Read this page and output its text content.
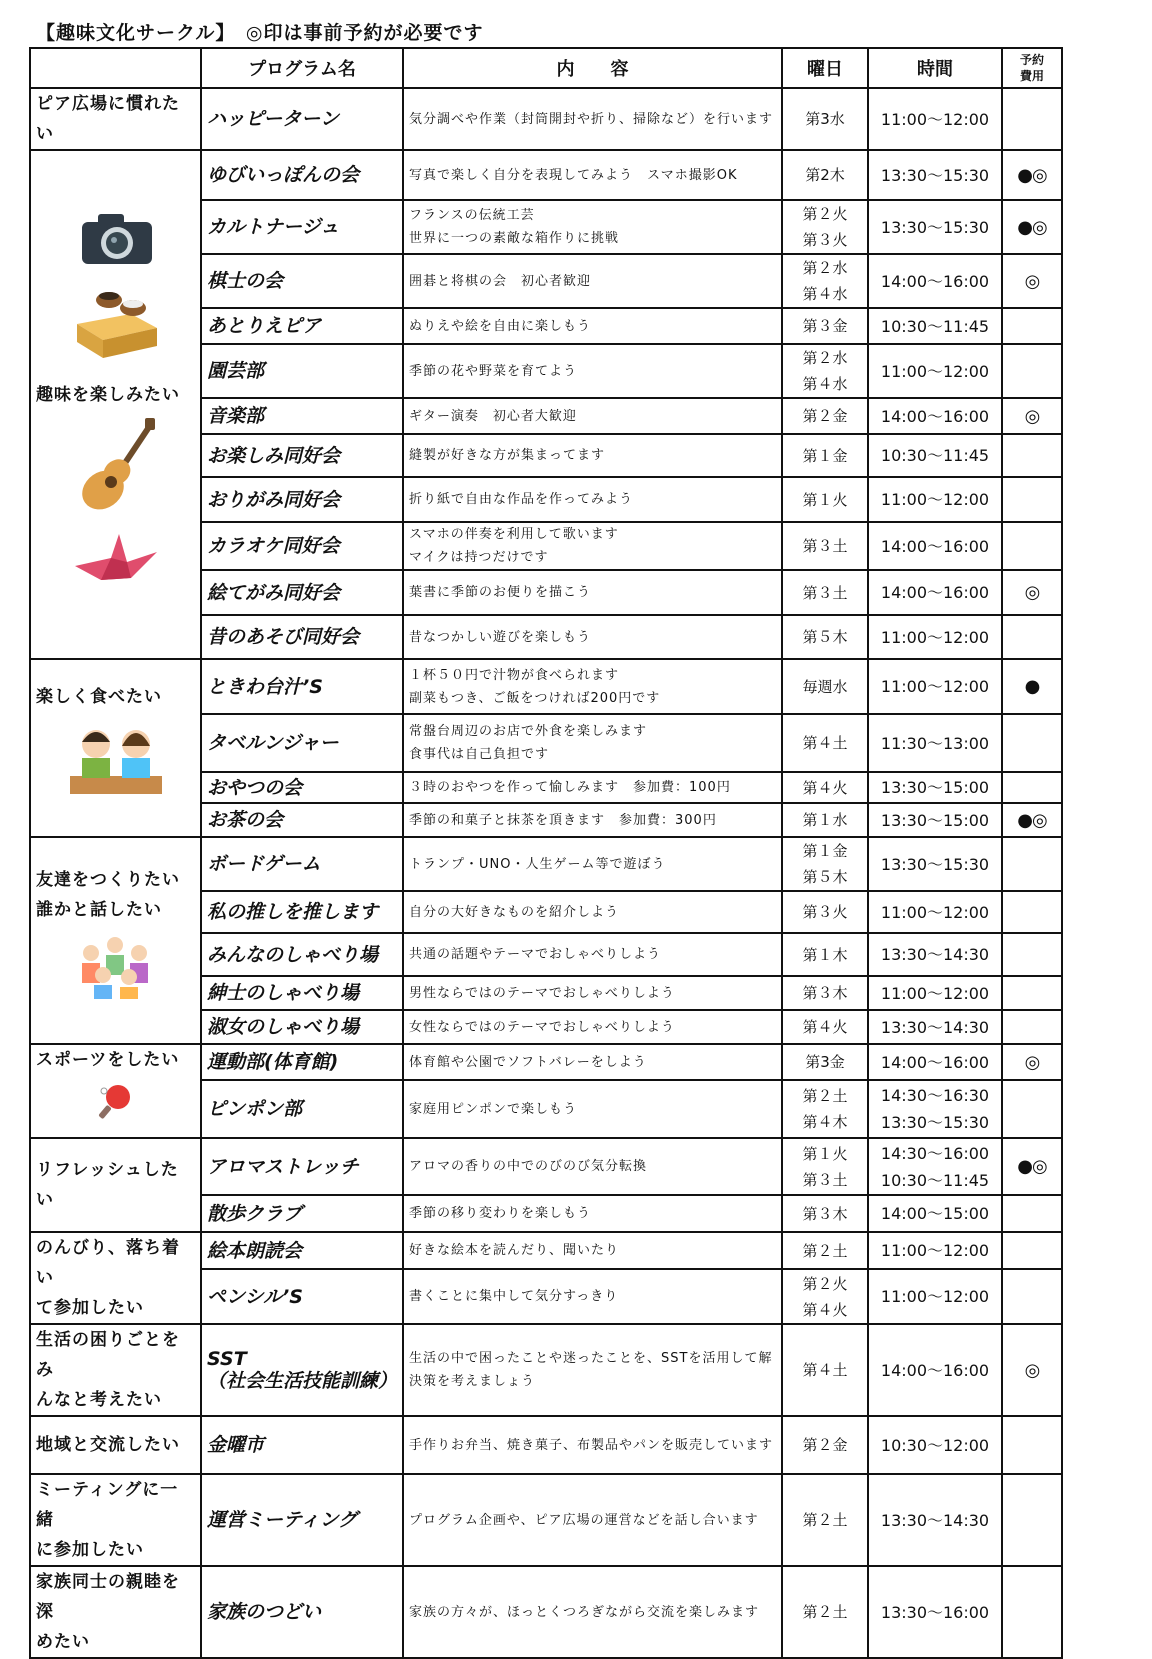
【趣味文化サークル】　◎印は事前予約が必要です
	プログラム名	内　　容	曜日	時間	予約
費用

ピア広場に慣れたい	ハッピーターン	気分調べや作業（封筒開封や折り、掃除など）を行います	第3水	11:00～12:00	

趣味を楽しみたい	ゆびいっぽんの会	写真で楽しく自分を表現してみよう　スマホ撮影OK	第2木	13:30～15:30	●◎

	カルトナージュ	フランスの伝統工芸
世界に一つの素敵な箱作りに挑戦	第２火
第３火	13:30～15:30	●◎

	棋士の会	囲碁と将棋の会　初心者歓迎	第２水
第４水	14:00～16:00	◎

	あとりえピア	ぬりえや絵を自由に楽しもう	第３金	10:30～11:45	

	園芸部	季節の花や野菜を育てよう	第２水
第４水	11:00～12:00	

	音楽部	ギター演奏　初心者大歓迎	第２金	14:00～16:00	◎

	お楽しみ同好会	縫製が好きな方が集まってます	第１金	10:30～11:45	

	おりがみ同好会	折り紙で自由な作品を作ってみよう	第１火	11:00～12:00	

	カラオケ同好会	スマホの伴奏を利用して歌います
マイクは持つだけです	第３土	14:00～16:00	

	絵てがみ同好会	葉書に季節のお便りを描こう	第３土	14:00～16:00	◎

	昔のあそび同好会	昔なつかしい遊びを楽しもう	第５木	11:00～12:00	

楽しく食べたい	ときわ台汁’S	１杯５０円で汁物が食べられます
副菜もつき、ご飯をつければ200円です	毎週水	11:00～12:00	●

	タベルンジャー	常盤台周辺のお店で外食を楽しみます
食事代は自己負担です	第４土	11:30～13:00	

	おやつの会	３時のおやつを作って愉しみます　参加費：100円	第４火	13:30～15:00	

	お茶の会	季節の和菓子と抹茶を頂きます　参加費：300円	第１水	13:30～15:00	●◎

友達をつくりたい
誰かと話したい	ボードゲーム	トランプ・UNO・人生ゲーム等で遊ぼう	第１金
第５木	13:30～15:30	

	私の推しを推します	自分の大好きなものを紹介しよう	第３火	11:00～12:00	

	みんなのしゃべり場	共通の話題やテーマでおしゃべりしよう	第１木	13:30～14:30	

	紳士のしゃべり場	男性ならではのテーマでおしゃべりしよう	第３木	11:00～12:00	

	淑女のしゃべり場	女性ならではのテーマでおしゃべりしよう	第４火	13:30～14:30	

スポーツをしたい	運動部(体育館)	体育館や公園でソフトバレーをしよう	第3金	14:00～16:00	◎

	ピンポン部	家庭用ピンポンで楽しもう	第２土
第４木	14:30～16:30
13:30～15:30	

リフレッシュしたい	アロマストレッチ	アロマの香りの中でのびのび気分転換	第１火
第３土	14:30～16:00
10:30～11:45	●◎

	散歩クラブ	季節の移り変わりを楽しもう	第３木	14:00～15:00	

のんびり、落ち着い
て参加したい	絵本朗読会	好きな絵本を読んだり、聞いたり	第２土	11:00～12:00	

	ペンシル’S	書くことに集中して気分すっきり	第２火
第４火	11:00～12:00	

生活の困りごとをみ
んなと考えたい	SST
（社会生活技能訓練）	生活の中で困ったことや迷ったことを、SSTを活用して解
決策を考えましょう	第４土	14:00～16:00	◎

地域と交流したい	金曜市	手作りお弁当、焼き菓子、布製品やパンを販売しています	第２金	10:30～12:00	

ミーティングに一緒
に参加したい	運営ミーティング	プログラム企画や、ピア広場の運営などを話し合います	第２土	13:30～14:30	

家族同士の親睦を深
めたい	家族のつどい	家族の方々が、ほっとくつろぎながら交流を楽しみます	第２土	13:30～16:00	
